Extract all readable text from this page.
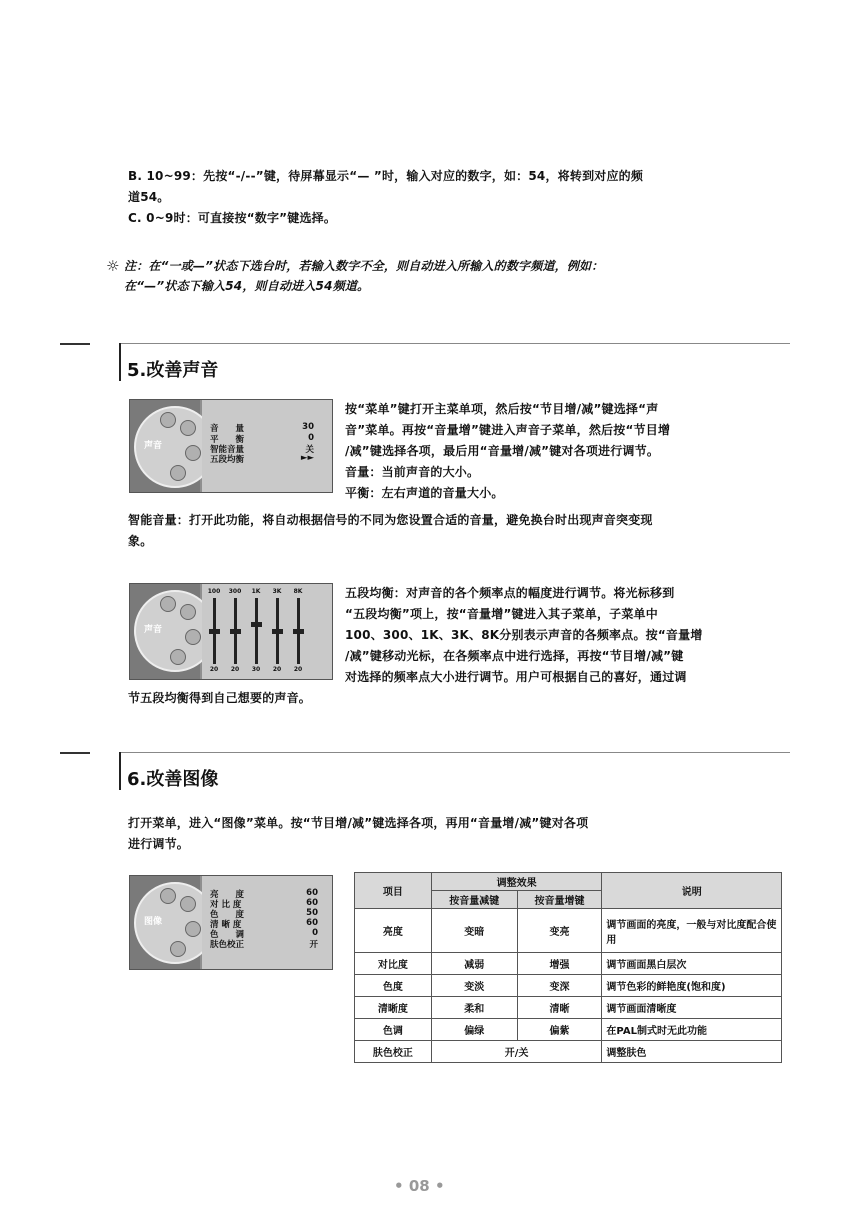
B. 10~99：先按“-/--”键，待屏幕显示“— ”时，输入对应的数字，如：54，将转到对应的频
道54。
C. 0~9时：可直接按“数字”键选择。
☼ 注：在“一或—”状态下选台时，若输入数字不全，则自动进入所输入的数字频道，例如：
在“—”状态下输入54，则自动进入54频道。
5.改善声音
声音
音　　量	30
平　　衡	0
智能音量	关
五段均衡	►►
按“菜单”键打开主菜单项，然后按“节目增/减”键选择“声
音”菜单。再按“音量增”键进入声音子菜单，然后按“节目增
/减”键选择各项，最后用“音量增/减”键对各项进行调节。
音量：当前声音的大小。
平衡：左右声道的音量大小。
智能音量：打开此功能，将自动根据信号的不同为您设置合适的音量，避免换台时出现声音突变现
象。
声音
100	300	1K	3K	8K
20	20	30	20	20
五段均衡：对声音的各个频率点的幅度进行调节。将光标移到
“五段均衡”项上，按“音量增”键进入其子菜单，子菜单中
100、300、1K、3K、8K分别表示声音的各频率点。按“音量增
/减”键移动光标，在各频率点中进行选择，再按“节目增/减”键
对选择的频率点大小进行调节。用户可根据自己的喜好，通过调
节五段均衡得到自己想要的声音。
6.改善图像
打开菜单，进入“图像”菜单。按“节目增/减”键选择各项，再用“音量增/减”键对各项
进行调节。
图像
亮　　度	60
对 比 度	60
色　　度	50
清 晰 度	60
色　　调	0
肤色校正	开
项目	调整效果		说明
	按音量减键	按音量增键	
亮度	变暗	变亮	调节画面的亮度，一般与对比度配合使用
对比度	减弱	增强	调节画面黑白层次
色度	变淡	变深	调节色彩的鲜艳度(饱和度)
清晰度	柔和	清晰	调节画面清晰度
色调	偏绿	偏紫	在PAL制式时无此功能
肤色校正	开/关		调整肤色
• 08 •
